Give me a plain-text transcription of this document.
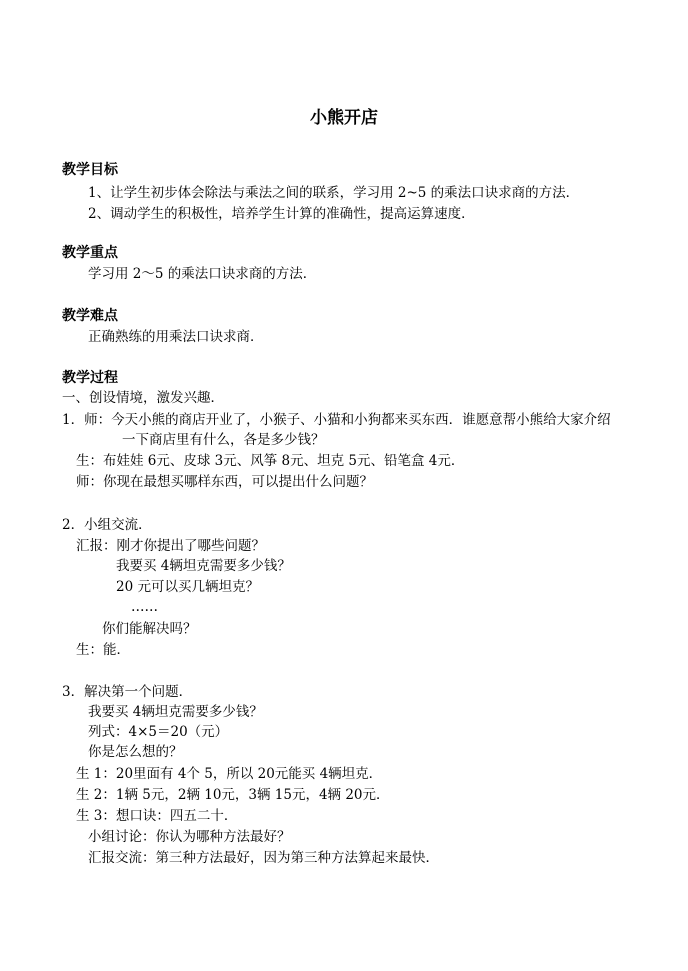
小熊开店
教学目标
1、让学生初步体会除法与乘法之间的联系，学习用 2~5 的乘法口诀求商的方法．
2、调动学生的积极性，培养学生计算的准确性，提高运算速度．
教学重点
学习用 2～5 的乘法口诀求商的方法．
教学难点
正确熟练的用乘法口诀求商．
教学过程
一、创设情境，激发兴趣．
1．师：今天小熊的商店开业了，小猴子、小猫和小狗都来买东西．谁愿意帮小熊给大家介绍
一下商店里有什么，各是多少钱？
生：布娃娃 6元、皮球 3元、风筝 8元、坦克 5元、铅笔盒 4元．
师：你现在最想买哪样东西，可以提出什么问题？
2．小组交流．
汇报：刚才你提出了哪些问题？
我要买 4辆坦克需要多少钱？
20 元可以买几辆坦克？
……
你们能解决吗？
生：能．
3．解决第一个问题．
我要买 4辆坦克需要多少钱？
列式：4×5＝20（元）
你是怎么想的？
生 1：20里面有 4个 5，所以 20元能买 4辆坦克．
生 2：1辆 5元，2辆 10元，3辆 15元，4辆 20元．
生 3：想口诀：四五二十．
小组讨论：你认为哪种方法最好？
汇报交流：第三种方法最好，因为第三种方法算起来最快．
